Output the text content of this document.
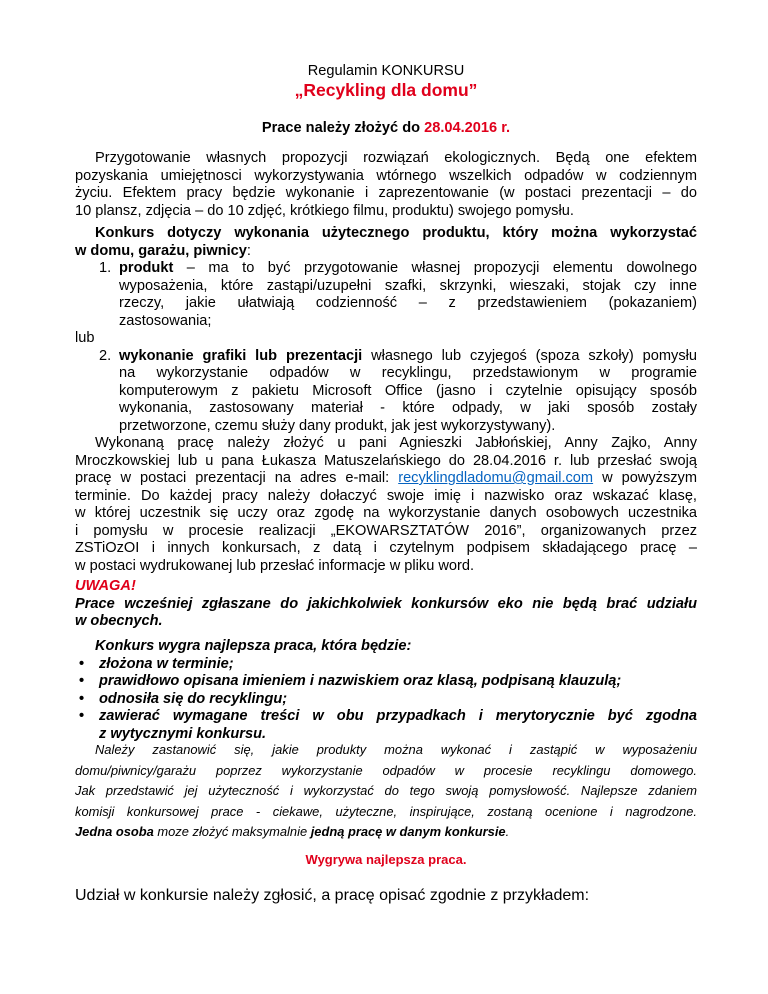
Regulamin KONKURSU
„Recykling dla domu”
Prace należy złożyć do 28.04.2016 r.
Przygotowanie własnych propozycji rozwiązań ekologicznych. Będą one efektem
pozyskania umiejętnosci wykorzystywania wtórnego wszelkich odpadów w codziennym
życiu. Efektem pracy będzie wykonanie i zaprezentowanie (w postaci prezentacji – do
10 plansz, zdjęcia – do 10 zdjęć, krótkiego filmu, produktu) swojego pomysłu.
Konkurs dotyczy wykonania użytecznego produktu, który można wykorzystać
w domu, garażu, piwnicy:
1. produkt – ma to być przygotowanie własnej propozycji elementu dowolnego
wyposażenia, które zastąpi/uzupełni szafki, skrzynki, wieszaki, stojak czy inne
rzeczy, jakie ułatwiają codzienność – z przedstawieniem (pokazaniem)
zastosowania;
lub
2. wykonanie grafiki lub prezentacji własnego lub czyjegoś (spoza szkoły) pomysłu
na wykorzystanie odpadów w recyklingu, przedstawionym w programie
komputerowym z pakietu Microsoft Office (jasno i czytelnie opisujący sposób
wykonania, zastosowany materiał - które odpady, w jaki sposób zostały
przetworzone, czemu służy dany produkt, jak jest wykorzystywany).
Wykonaną pracę należy złożyć u pani Agnieszki Jabłońskiej, Anny Zajko, Anny
Mroczkowskiej lub u pana Łukasza Matuszelańskiego do 28.04.2016 r. lub przesłać swoją
pracę w postaci prezentacji na adres e-mail: recyklingdladomu@gmail.com w powyższym
terminie. Do każdej pracy należy dołaczyć swoje imię i nazwisko oraz wskazać klasę,
w której uczestnik się uczy oraz zgodę na wykorzystanie danych osobowych uczestnika
i pomysłu w procesie realizacji „EKOWARSZTATÓW 2016”, organizowanych przez
ZSTiOzOI i innych konkursach, z datą i czytelnym podpisem składającego pracę –
w postaci wydrukowanej lub przesłać informacje w pliku word.
UWAGA!
Prace wcześniej zgłaszane do jakichkolwiek konkursów eko nie będą brać udziału
w obecnych.
Konkurs wygra najlepsza praca, która będzie:
• złożona w terminie;
• prawidłowo opisana imieniem i nazwiskiem oraz klasą, podpisaną klauzulą;
• odnosiła się do recyklingu;
• zawierać wymagane treści w obu przypadkach i merytorycznie być zgodna
z wytycznymi konkursu.
Należy zastanowić się, jakie produkty można wykonać i zastąpić w wyposażeniu
domu/piwnicy/garażu poprzez wykorzystanie odpadów w procesie recyklingu domowego.
Jak przedstawić jej użyteczność i wykorzystać do tego swoją pomysłowość. Najlepsze zdaniem
komisji konkursowej prace - ciekawe, użyteczne, inspirujące, zostaną ocenione i nagrodzone.
Jedna osoba moze złożyć maksymalnie jedną pracę w danym konkursie.
Wygrywa najlepsza praca.
Udział w konkursie należy zgłosić, a pracę opisać zgodnie z przykładem:
